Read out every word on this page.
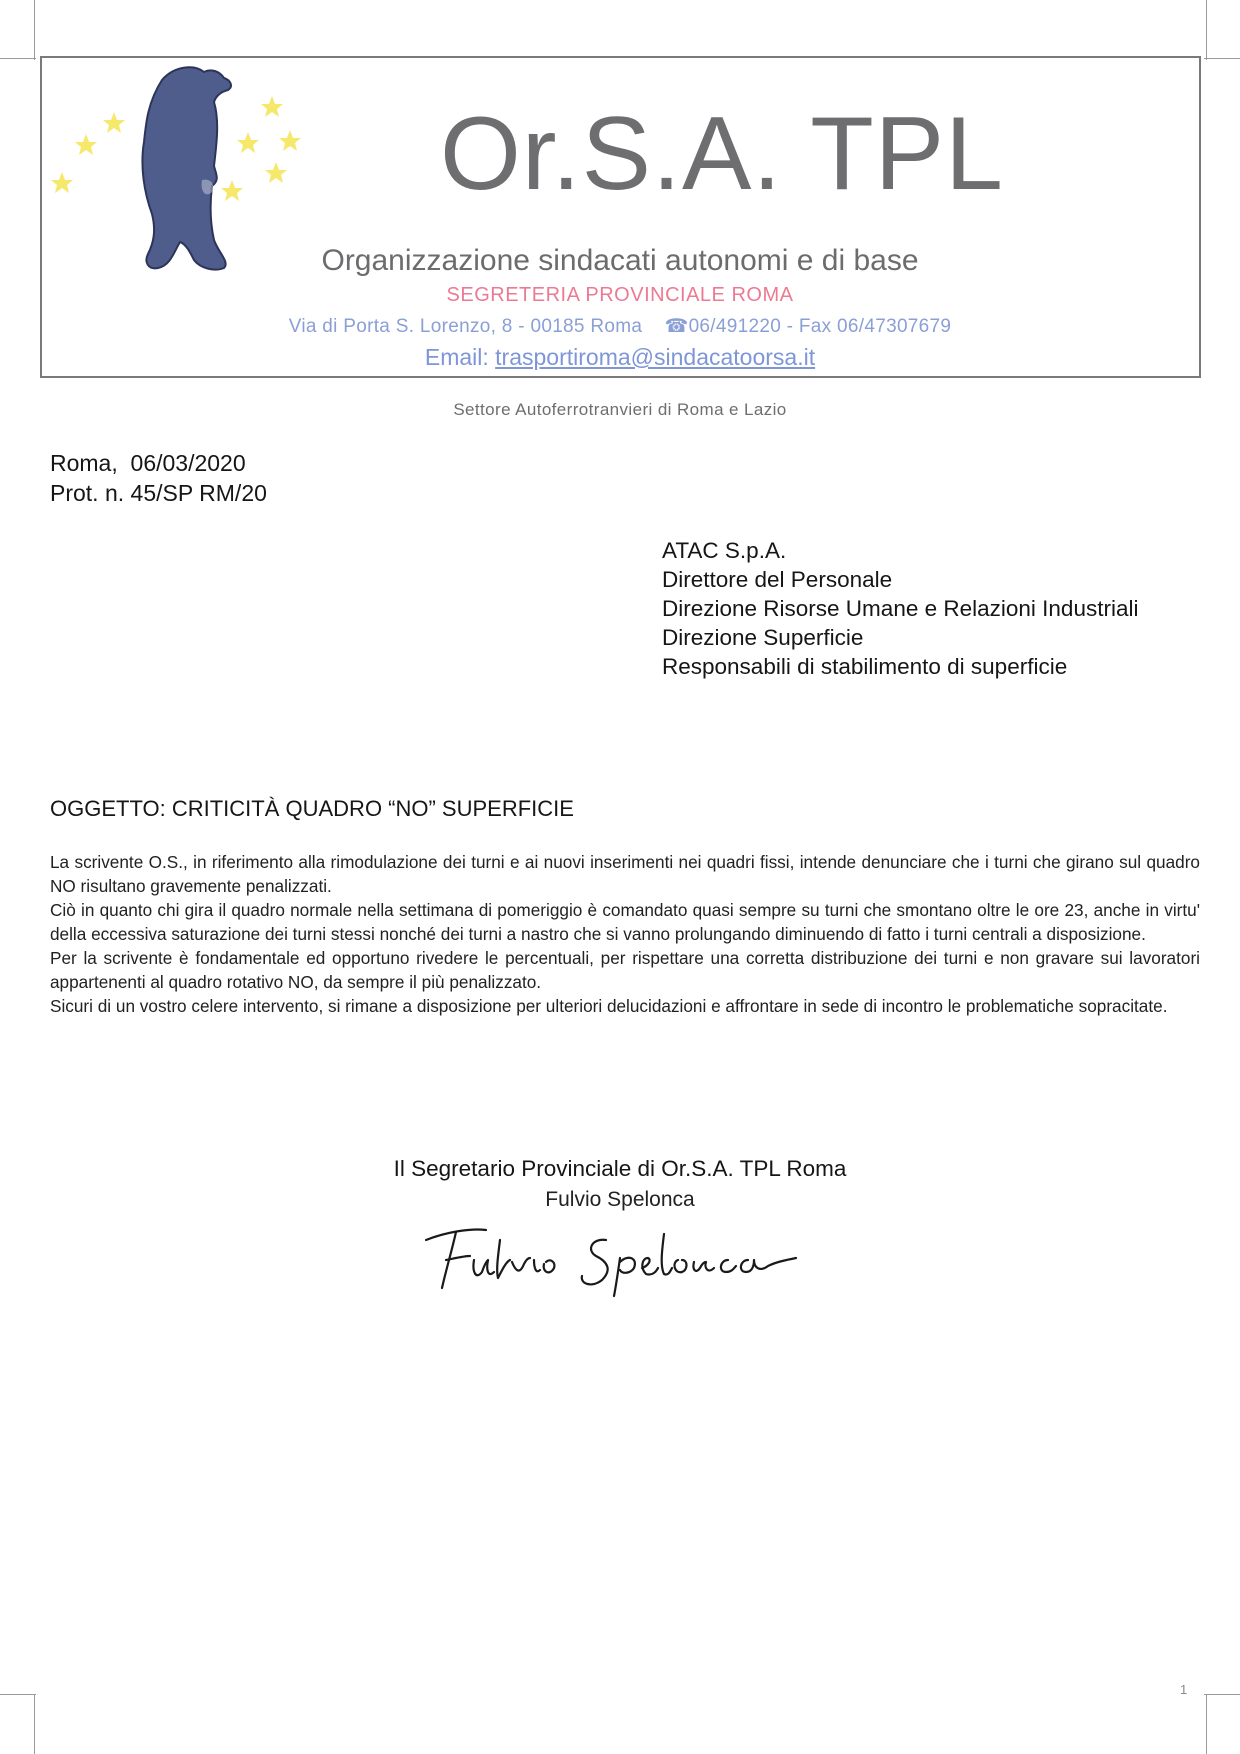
Or.S.A. TPL
Organizzazione sindacati autonomi e di base
SEGRETERIA PROVINCIALE ROMA
Via di Porta S. Lorenzo, 8 - 00185 Roma ☎06/491220 - Fax 06/47307679
Email: trasportiroma@sindacatoorsa.it
Settore Autoferrotranvieri di Roma e Lazio
Roma,  06/03/2020
Prot. n. 45/SP RM/20
ATAC S.p.A.
Direttore del Personale
Direzione Risorse Umane e Relazioni Industriali
Direzione Superficie
Responsabili di stabilimento di superficie
OGGETTO: CRITICITÀ QUADRO “NO” SUPERFICIE

La scrivente O.S., in riferimento alla rimodulazione dei turni e ai nuovi inserimenti nei quadri fissi, intende denunciare che i turni che girano sul quadro NO risultano gravemente penalizzati.

Ciò in quanto chi gira il quadro normale nella settimana di pomeriggio è comandato quasi sempre su turni che smontano oltre le ore 23, anche in virtu' della eccessiva saturazione dei turni stessi nonché dei turni a nastro che si vanno prolungando diminuendo di fatto i turni centrali a disposizione.

Per la scrivente è fondamentale ed opportuno rivedere le percentuali, per rispettare una corretta distribuzione dei turni e non gravare sui lavoratori appartenenti al quadro rotativo NO, da sempre il più penalizzato.

Sicuri di un vostro celere intervento, si rimane a disposizione per ulteriori delucidazioni e affrontare in sede di incontro le problematiche sopracitate.

Il Segretario Provinciale di Or.S.A. TPL Roma
Fulvio Spelonca
1
